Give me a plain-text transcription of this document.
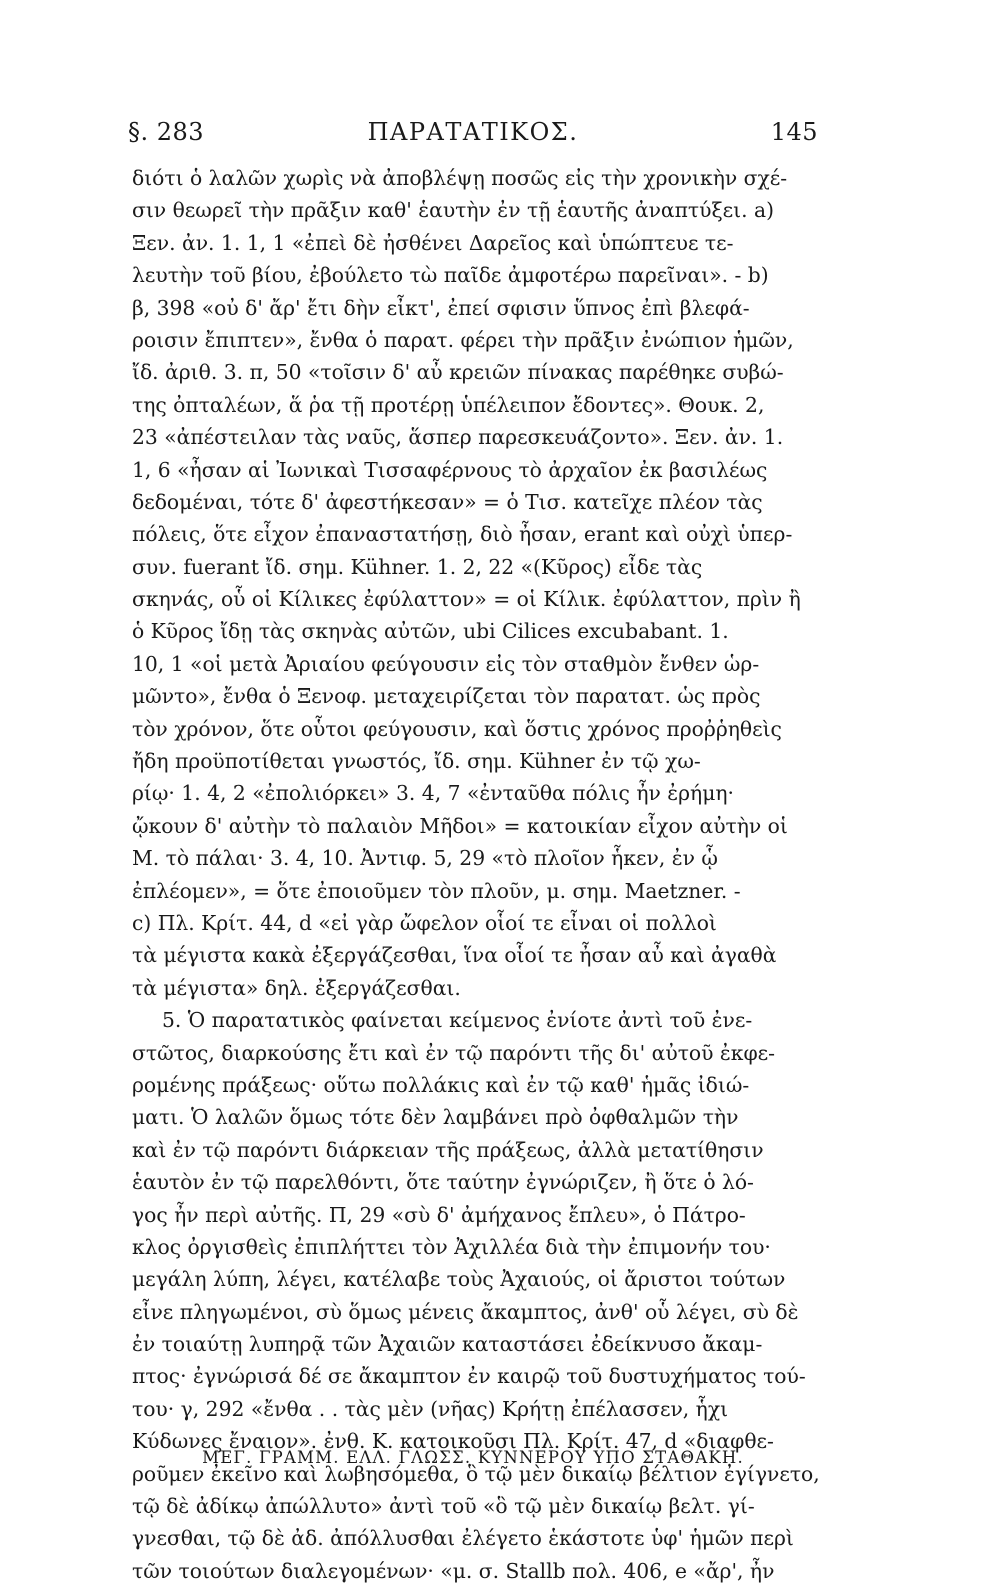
ΠΑΡΑΤΑΤΙΚΟΣ.
§. 283	145
διότι ὁ λαλῶν χωρὶς νὰ ἀποβλέψῃ ποσῶς εἰς τὴν χρονικὴν σχέ-
σιν θεωρεῖ τὴν πρᾶξιν καθ' ἑαυτὴν ἐν τῇ ἑαυτῆς ἀναπτύξει. a)
Ξεν. ἀν. 1. 1, 1 «ἐπεὶ δὲ ἠσθένει Δαρεῖος καὶ ὑπώπτευε τε-
λευτὴν τοῦ βίου, ἐβούλετο τὼ παῖδε ἀμφοτέρω παρεῖναι». - b)
β, 398 «οὐ δ' ἄρ' ἔτι δὴν εἶκτ', ἐπεί σφισιν ὕπνος ἐπὶ βλεφά-
ροισιν ἔπιπτεν», ἔνθα ὁ παρατ. φέρει τὴν πρᾶξιν ἐνώπιον ἡμῶν,
ἴδ. ἀριθ. 3. π, 50 «τοῖσιν δ' αὖ κρειῶν πίνακας παρέθηκε συβώ-
της ὀπταλέων, ἅ ῥα τῇ προτέρῃ ὑπέλειπον ἔδοντες». Θουκ. 2,
23 «ἀπέστειλαν τὰς ναῦς, ἅσπερ παρεσκευάζοντο». Ξεν. ἀν. 1.
1, 6 «ἦσαν αἱ Ἰωνικαὶ Τισσαφέρνους τὸ ἀρχαῖον ἐκ βασιλέως
δεδομέναι, τότε δ' ἀφεστήκεσαν» = ὁ Τισ. κατεῖχε πλέον τὰς
πόλεις, ὅτε εἶχον ἐπαναστατήσῃ, διὸ ἦσαν, erant καὶ οὐχὶ ὑπερ-
συν. fuerant ἴδ. σημ. Kühner. 1. 2, 22 «(Κῦρος) εἶδε τὰς
σκηνάς, οὗ οἱ Κίλικες ἐφύλαττον» = οἱ Κίλικ. ἐφύλαττον, πρὶν ἢ
ὁ Κῦρος ἴδῃ τὰς σκηνὰς αὐτῶν, ubi Cilices excubabant. 1.
10, 1 «οἱ μετὰ Ἀριαίου φεύγουσιν εἰς τὸν σταθμὸν ἔνθεν ὡρ-
μῶντο», ἔνθα ὁ Ξενοφ. μεταχειρίζεται τὸν παρατατ. ὡς πρὸς
τὸν χρόνον, ὅτε οὗτοι φεύγουσιν, καὶ ὅστις χρόνος προῤῥηθεὶς
ἤδη προϋποτίθεται γνωστός, ἴδ. σημ. Kühner ἐν τῷ χω-
ρίῳ· 1. 4, 2 «ἐπολιόρκει» 3. 4, 7 «ἐνταῦθα πόλις ἦν ἐρήμη·
ᾤκουν δ' αὐτὴν τὸ παλαιὸν Μῆδοι» = κατοικίαν εἶχον αὐτὴν οἱ
Μ. τὸ πάλαι· 3. 4, 10. Ἀντιφ. 5, 29 «τὸ πλοῖον ἧκεν, ἐν ᾧ
ἐπλέομεν», = ὅτε ἐποιοῦμεν τὸν πλοῦν, μ. σημ. Maetzner. -
c) Πλ. Κρίτ. 44, d «εἰ γὰρ ὤφελον οἷοί τε εἶναι οἱ πολλοὶ
τὰ μέγιστα κακὰ ἐξεργάζεσθαι, ἵνα οἷοί τε ἦσαν αὖ καὶ ἀγαθὰ
τὰ μέγιστα» δηλ. ἐξεργάζεσθαι.
5. Ὁ παρατατικὸς φαίνεται κείμενος ἐνίοτε ἀντὶ τοῦ ἐνε-
στῶτος, διαρκούσης ἔτι καὶ ἐν τῷ παρόντι τῆς δι' αὐτοῦ ἐκφε-
ρομένης πράξεως· οὕτω πολλάκις καὶ ἐν τῷ καθ' ἡμᾶς ἰδιώ-
ματι. Ὁ λαλῶν ὅμως τότε δὲν λαμβάνει πρὸ ὀφθαλμῶν τὴν
καὶ ἐν τῷ παρόντι διάρκειαν τῆς πράξεως, ἀλλὰ μετατίθησιν
ἑαυτὸν ἐν τῷ παρελθόντι, ὅτε ταύτην ἐγνώριζεν, ἢ ὅτε ὁ λό-
γος ἦν περὶ αὐτῆς. Π, 29 «σὺ δ' ἀμήχανος ἔπλευ», ὁ Πάτρο-
κλος ὀργισθεὶς ἐπιπλήττει τὸν Ἀχιλλέα διὰ τὴν ἐπιμονήν του·
μεγάλη λύπη, λέγει, κατέλαβε τοὺς Ἀχαιούς, οἱ ἄριστοι τούτων
εἶνε πληγωμένοι, σὺ ὅμως μένεις ἄκαμπτος, ἀνθ' οὗ λέγει, σὺ δὲ
ἐν τοιαύτῃ λυπηρᾷ τῶν Ἀχαιῶν καταστάσει ἐδείκνυσο ἄκαμ-
πτος· ἐγνώρισά δέ σε ἄκαμπτον ἐν καιρῷ τοῦ δυστυχήματος τού-
του· γ, 292 «ἔνθα . . τὰς μὲν (νῆας) Κρήτῃ ἐπέλασσεν, ἧχι
Κύδωνες ἔναιον». ἐνθ. Κ. κατοικοῦσι Πλ. Κρίτ. 47, d «διαφθε-
ροῦμεν ἐκεῖνο καὶ λωβησόμεθα, ὃ τῷ μὲν δικαίῳ βέλτιον ἐγίγνετο,
τῷ δὲ ἀδίκῳ ἀπώλλυτο» ἀντὶ τοῦ «ὃ τῷ μὲν δικαίῳ βελτ. γί-
γνεσθαι, τῷ δὲ ἀδ. ἀπόλλυσθαι ἐλέγετο ἑκάστοτε ὑφ' ἡμῶν περὶ
τῶν τοιούτων διαλεγομένων· «μ. σ. Stallb πολ. 406, e «ἄρ', ἦν
ΜΕΓ. ΓΡΑΜΜ. ΕΛΛ. ΓΛΩΣΣ. ΚΥΝΝΕΡΟΥ ΥΠΟ ΣΤΑΘΑΚΗ.
